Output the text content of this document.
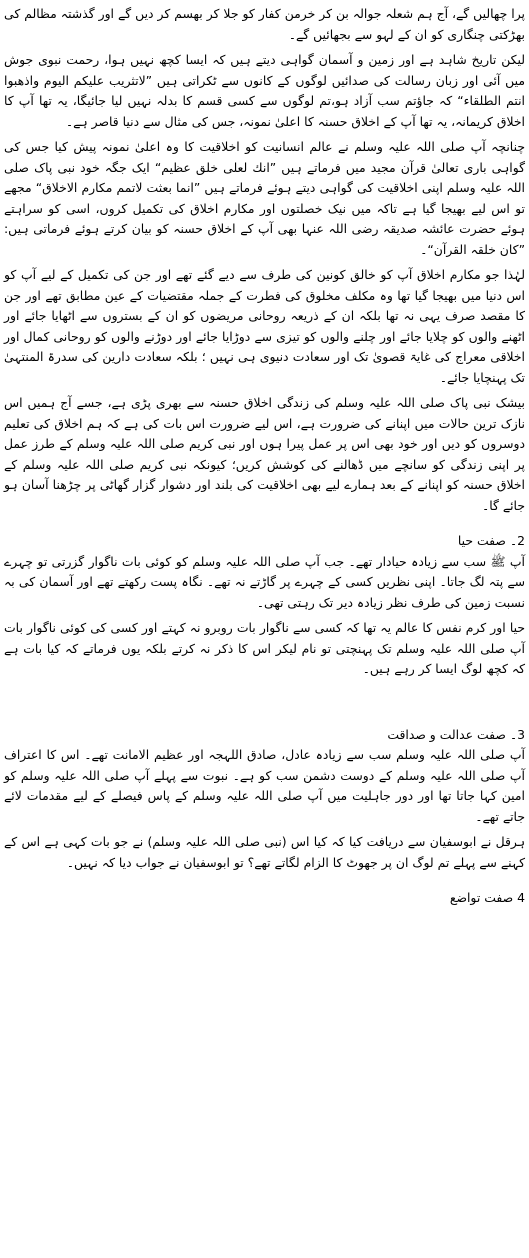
پرا چھالیں گے، آج ہم شعلہ جوالہ بن کر خرمن کفار کو جلا کر بھسم کر دیں گے اور گذشتہ مظالم کی بھڑکتی چنگاری کو ان کے لہو سے بجھائیں گے۔

لیکن تاریخ شاہد ہے اور زمین و آسمان گواہی دیتے ہیں کہ ایسا کچھ نہیں ہوا، رحمت نبوی جوش میں آئی اور زبان رسالت کی صدائیں لوگوں کے کانوں سے ٹکراتی ہیں ”لاتثریب علیکم الیوم واذھبوا انتم الطلقاء“ کہ جاؤتم سب آزاد ہو،تم لوگوں سے کسی قسم کا بدلہ نہیں لیا جائیگا، یہ تھا آپ کا اخلاق کریمانہ، یہ تھا آپ کے اخلاق حسنہ کا اعلیٰ نمونہ، جس کی مثال سے دنیا قاصر ہے۔

چنانچہ آپ صلی اللہ علیہ وسلم نے عالم انسانیت کو اخلاقیت کا وہ اعلیٰ نمونہ پیش کیا جس کی گواہی باری تعالیٰ قرآن مجید میں فرماتے ہیں ”انك لعلی خلق عظیم“ ایک جگہ خود نبی پاک صلی اللہ علیہ وسلم اپنی اخلاقیت کی گواہی دیتے ہوئے فرماتے ہیں ”انما بعثت لاتمم مکارم الاخلاق“ مجھے تو اس لیے بھیجا گیا ہے تاکہ میں نیک خصلتوں اور مکارم اخلاق کی تکمیل کروں، اسی کو سراہتے ہوئے حضرت عائشہ صدیقہ رضی اللہ عنہا بھی آپ کے اخلاق حسنہ کو بیان کرتے ہوئے فرماتی ہیں: ”کان خلقہ القرآن“۔

لہٰذا جو مکارم اخلاق آپ کو خالق کونین کی طرف سے دیے گئے تھے اور جن کی تکمیل کے لیے آپ کو اس دنیا میں بھیجا گیا تھا وہ مکلف مخلوق کی فطرت کے جملہ مقتضیات کے عین مطابق تھے اور جن کا مقصد صرف یہی نہ تھا بلکہ ان کے ذریعہ روحانی مریضوں کو ان کے بستروں سے اٹھایا جائے اور اٹھنے والوں کو چلایا جائے اور چلنے والوں کو تیزی سے دوڑایا جائے اور دوڑنے والوں کو روحانی کمال اور اخلاقی معراج کی غایۃ قصویٰ تک اور سعادت دنیوی ہی نہیں ؛ بلکہ سعادت دارین کی سدرۃ المنتہیٰ تک پہنچایا جائے۔

بیشک نبی پاک صلی اللہ علیہ وسلم کی زندگی اخلاق حسنہ سے بھری پڑی ہے، جسے آج ہمیں اس نازک ترین حالات میں اپنانے کی ضرورت ہے، اس لیے ضرورت اس بات کی ہے کہ ہم اخلاق کی تعلیم دوسروں کو دیں اور خود بھی اس پر عمل پیرا ہوں اور نبی کریم صلی اللہ علیہ وسلم کے طرز عمل پر اپنی زندگی کو سانچے میں ڈھالنے کی کوشش کریں؛ کیونکہ نبی کریم صلی اللہ علیہ وسلم کے اخلاق حسنہ کو اپنانے کے بعد ہمارے لیے بھی اخلاقیت کی بلند اور دشوار گزار گھاٹی پر چڑھنا آسان ہو جائے گا۔

2۔ صفت حیا

آپ ﷺ سب سے زیادہ حیادار تھے۔ جب آپ صلی اللہ علیہ وسلم کو کوئی بات ناگوار گزرتی تو چہرے سے پتہ لگ جاتا۔ اپنی نظریں کسی کے چہرے پر گاڑتے نہ تھے۔ نگاہ پست رکھتے تھے اور آسمان کی بہ نسبت زمین کی طرف نظر زیادہ دیر تک رہتی تھی۔

حیا اور کرم نفس کا عالم یہ تھا کہ کسی سے ناگوار بات روبرو نہ کہتے اور کسی کی کوئی ناگوار بات آپ صلی اللہ علیہ وسلم تک پہنچتی تو نام لیکر اس کا ذکر نہ کرتے بلکہ یوں فرماتے کہ کیا بات ہے کہ کچھ لوگ ایسا کر رہے ہیں۔

3۔ صفت عدالت و صداقت

آپ صلی اللہ علیہ وسلم سب سے زیادہ عادل، صادق اللہجہ اور عظیم الامانت تھے۔ اس کا اعتراف آپ صلی اللہ علیہ وسلم کے دوست دشمن سب کو ہے۔ نبوت سے پہلے آپ صلی اللہ علیہ وسلم کو امین کہا جاتا تھا اور دور جاہلیت میں آپ صلی اللہ علیہ وسلم کے پاس فیصلے کے لیے مقدمات لائے جاتے تھے۔

ہرقل نے ابوسفیان سے دریافت کیا کہ کیا اس (نبی صلی اللہ علیہ وسلم) نے جو بات کہی ہے اس کے کہنے سے پہلے تم لوگ ان پر جھوٹ کا الزام لگاتے تھے؟ تو ابوسفیان نے جواب دیا کہ نہیں۔

4 صفت تواضع
